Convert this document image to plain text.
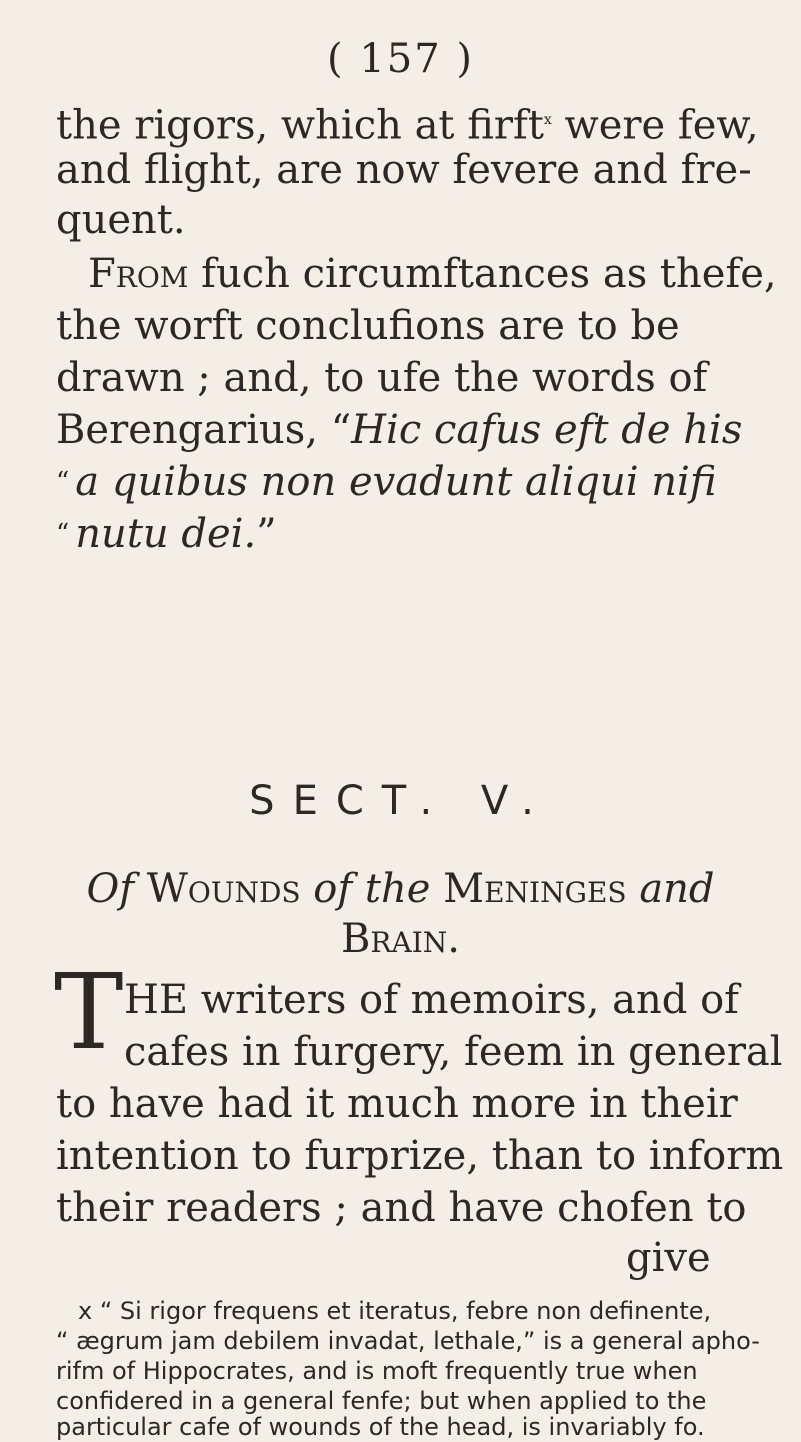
( 157 )
the rigors, which at firft$^x$ were few,
and flight, are now fevere and fre-
quent.
From fuch circumftances as thefe,
the worft conclufions are to be
drawn ; and, to ufe the words of
Berengarius, “Hic cafus eft de his
“ a quibus non evadunt aliqui nifi
“ nutu dei.”
SECT. V.
Of Wounds of the Meninges and
Brain.
T HE writers of memoirs, and of
cafes in furgery, feem in general
to have had it much more in their
intention to furprize, than to inform
their readers ; and have chofen to
give
x “ Si rigor frequens et iteratus, febre non definente,
“ ægrum jam debilem invadat, lethale,” is a general apho-
rifm of Hippocrates, and is moft frequently true when
confidered in a general fenfe; but when applied to the
particular cafe of wounds of the head, is invariably fo.
